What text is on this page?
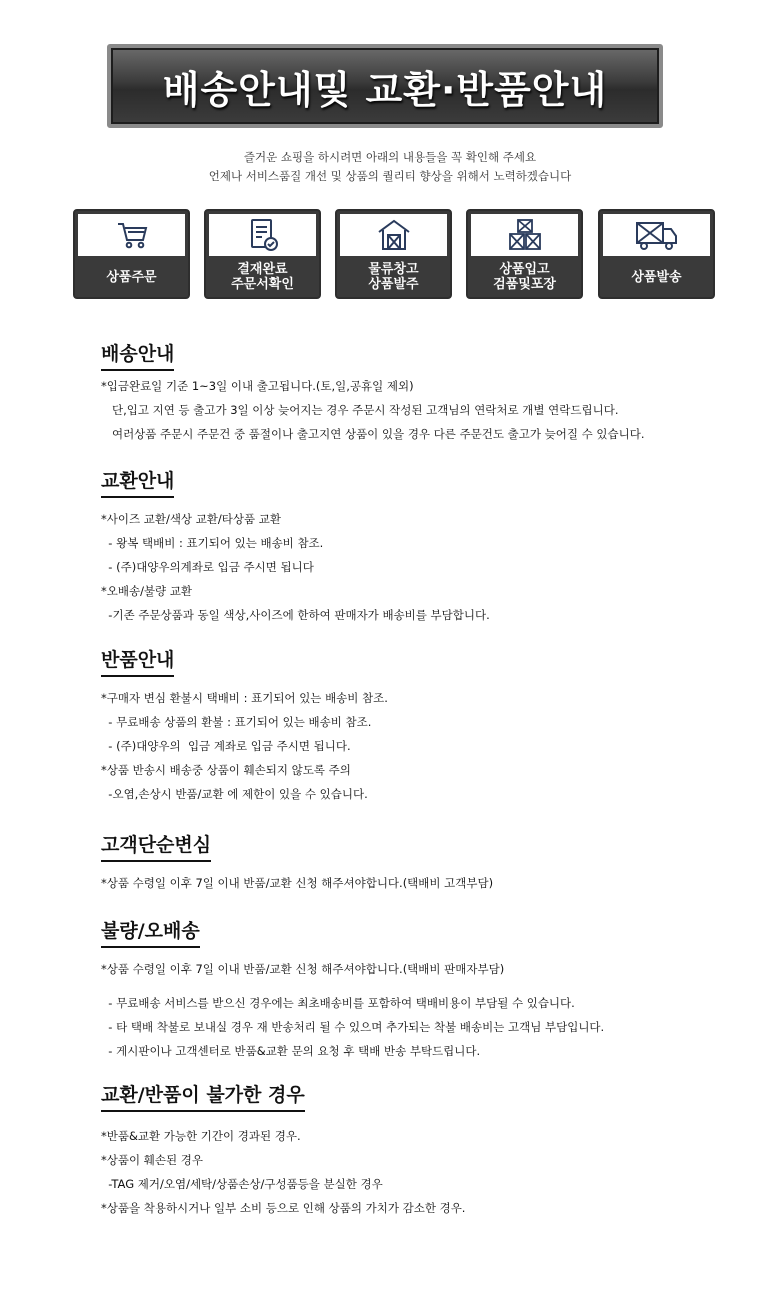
배송안내및 교환·반품안내
즐거운 쇼핑을 하시려면 아래의 내용들을 꼭 확인해 주세요
언제나 서비스품질 개선 및 상품의 퀄리티 향상을 위해서 노력하겠습니다
상품주문	결재완료
주문서확인
물류창고
상품발주
상품입고
검품및포장	상품발송
배송안내
*입금완료일 기준 1~3일 이내 출고됩니다.(토,일,공휴일 제외)
단,입고 지연 등 출고가 3일 이상 늦어지는 경우 주문시 작성된 고객님의 연락처로 개별 연락드립니다.
여러상품 주문시 주문건 중 품절이나 출고지연 상품이 있을 경우 다른 주문건도 출고가 늦어질 수 있습니다.
교환안내
*사이즈 교환/색상 교환/타상품 교환
- 왕복 택배비 : 표기되어 있는 배송비 참조.
- (주)대양우의계좌로 입금 주시면 됩니다
*오배송/불량 교환
-기존 주문상품과 동일 색상,사이즈에 한하여 판매자가 배송비를 부담합니다.
반품안내
*구매자 변심 환불시 택배비 : 표기되어 있는 배송비 참조.
- 무료배송 상품의 환불 : 표기되어 있는 배송비 참조.
- (주)대양우의  입금 계좌로 입금 주시면 됩니다.
*상품 반송시 배송중 상품이 훼손되지 않도록 주의
-오염,손상시 반품/교환 에 제한이 있을 수 있습니다.
고객단순변심
*상품 수령일 이후 7일 이내 반품/교환 신청 해주셔야합니다.(택배비 고객부담)
불량/오배송
*상품 수령일 이후 7일 이내 반품/교환 신청 해주셔야합니다.(택배비 판매자부담)
- 무료배송 서비스를 받으신 경우에는 최초배송비를 포함하여 택배비용이 부담될 수 있습니다.
- 타 택배 착불로 보내실 경우 재 반송처리 될 수 있으며 추가되는 착불 배송비는 고객님 부담입니다.
- 게시판이나 고객센터로 반품&교환 문의 요청 후 택배 반송 부탁드립니다.
교환/반품이 불가한 경우
*반품&교환 가능한 기간이 경과된 경우.
*상품이 훼손된 경우
-TAG 제거/오염/세탁/상품손상/구성품등을 분실한 경우
*상품을 착용하시거나 일부 소비 등으로 인해 상품의 가치가 감소한 경우.
